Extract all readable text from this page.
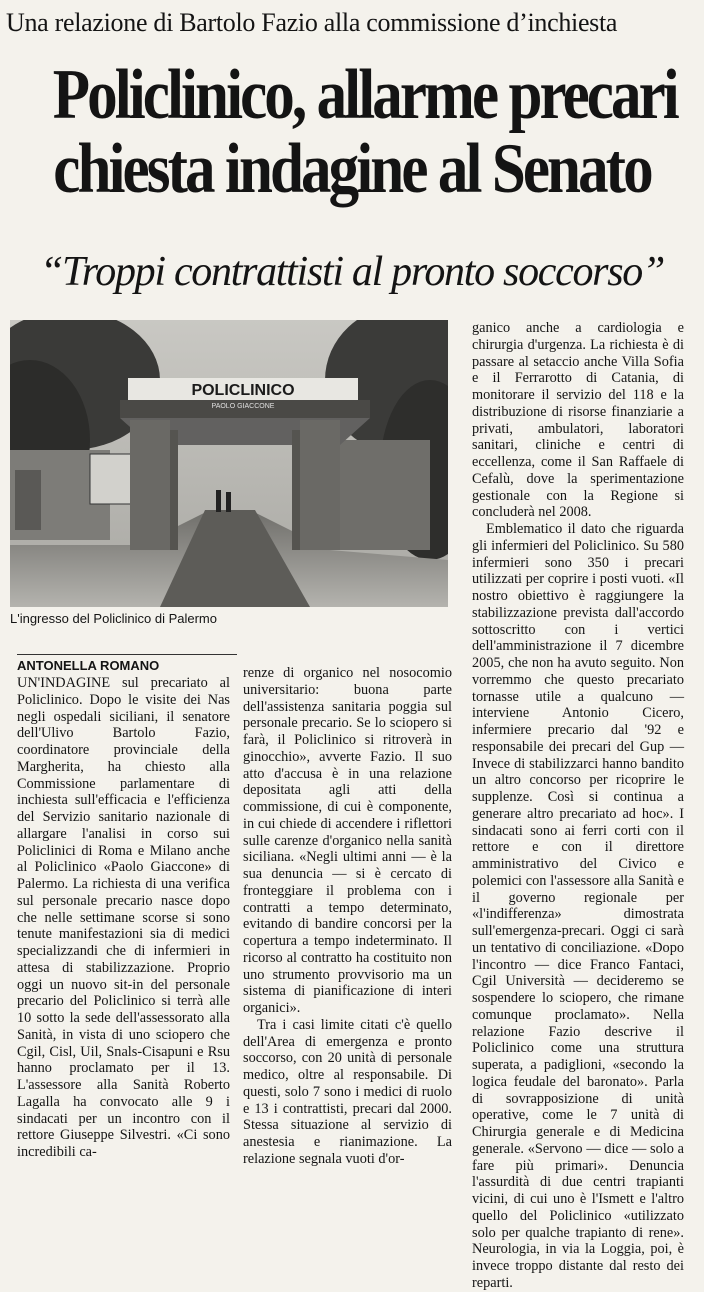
Una relazione di Bartolo Fazio alla commissione d’inchiesta
Policlinico, allarme precari
chiesta indagine al Senato
“Troppi contrattisti al pronto soccorso”
POLICLINICO
PAOLO GIACCONE
L'ingresso del Policlinico di Palermo
ANTONELLA ROMANO

UN'INDAGINE sul precariato al Policlinico. Dopo le visite dei Nas negli ospedali siciliani, il senatore dell'Ulivo Bartolo Fazio, coordinatore provinciale della Margherita, ha chiesto alla Commissione parlamentare di inchiesta sull'efficacia e l'efficienza del Servizio sanitario nazionale di allargare l'analisi in corso sui Policlinici di Roma e Milano anche al Policlinico «Paolo Giaccone» di Palermo. La richiesta di una verifica sul personale precario nasce dopo che nelle settimane scorse si sono tenute manifestazioni sia di medici specializzandi che di infermieri in attesa di stabilizzazione. Proprio oggi un nuovo sit-in del personale precario del Policlinico si terrà alle 10 sotto la sede dell'assessorato alla Sanità, in vista di uno sciopero che Cgil, Cisl, Uil, Snals-Cisapuni e Rsu hanno proclamato per il 13. L'assessore alla Sanità Roberto Lagalla ha convocato alle 9 i sindacati per un incontro con il rettore Giuseppe Silvestri. «Ci sono incredibili ca-

renze di organico nel nosocomio universitario: buona parte dell'assistenza sanitaria poggia sul personale precario. Se lo sciopero si farà, il Policlinico si ritroverà in ginocchio», avverte Fazio. Il suo atto d'accusa è in una relazione depositata agli atti della commissione, di cui è componente, in cui chiede di accendere i riflettori sulle carenze d'organico nella sanità siciliana. «Negli ultimi anni — è la sua denuncia — si è cercato di fronteggiare il problema con i contratti a tempo determinato, evitando di bandire concorsi per la copertura a tempo indeterminato. Il ricorso al contratto ha costituito non uno strumento provvisorio ma un sistema di pianificazione di interi organici».

Tra i casi limite citati c'è quello dell'Area di emergenza e pronto soccorso, con 20 unità di personale medico, oltre al responsabile. Di questi, solo 7 sono i medici di ruolo e 13 i contrattisti, precari dal 2000. Stessa situazione al servizio di anestesia e rianimazione. La relazione segnala vuoti d'or-

ganico anche a cardiologia e chirurgia d'urgenza. La richiesta è di passare al setaccio anche Villa Sofia e il Ferrarotto di Catania, di monitorare il servizio del 118 e la distribuzione di risorse finanziarie a privati, ambulatori, laboratori sanitari, cliniche e centri di eccellenza, come il San Raffaele di Cefalù, dove la sperimentazione gestionale con la Regione si concluderà nel 2008.

Emblematico il dato che riguarda gli infermieri del Policlinico. Su 580 infermieri sono 350 i precari utilizzati per coprire i posti vuoti. «Il nostro obiettivo è raggiungere la stabilizzazione prevista dall'accordo sottoscritto con i vertici dell'amministrazione il 7 dicembre 2005, che non ha avuto seguito. Non vorremmo che questo precariato tornasse utile a qualcuno — interviene Antonio Cicero, infermiere precario dal '92 e responsabile dei precari del Gup — Invece di stabilizzarci hanno bandito un altro concorso per ricoprire le supplenze. Così si continua a generare altro precariato ad hoc». I sindacati sono ai ferri corti con il rettore e con il direttore amministrativo del Civico e polemici con l'assessore alla Sanità e il governo regionale per «l'indifferenza» dimostrata sull'emergenza-precari. Oggi ci sarà un tentativo di conciliazione. «Dopo l'incontro — dice Franco Fantaci, Cgil Università — decideremo se sospendere lo sciopero, che rimane comunque proclamato». Nella relazione Fazio descrive il Policlinico come una struttura superata, a padiglioni, «secondo la logica feudale del baronato». Parla di sovrapposizione di unità operative, come le 7 unità di Chirurgia generale e di Medicina generale. «Servono — dice — solo a fare più primari». Denuncia l'assurdità di due centri trapianti vicini, di cui uno è l'Ismett e l'altro quello del Policlinico «utilizzato solo per qualche trapianto di rene». Neurologia, in via la Loggia, poi, è invece troppo distante dal resto dei reparti.
